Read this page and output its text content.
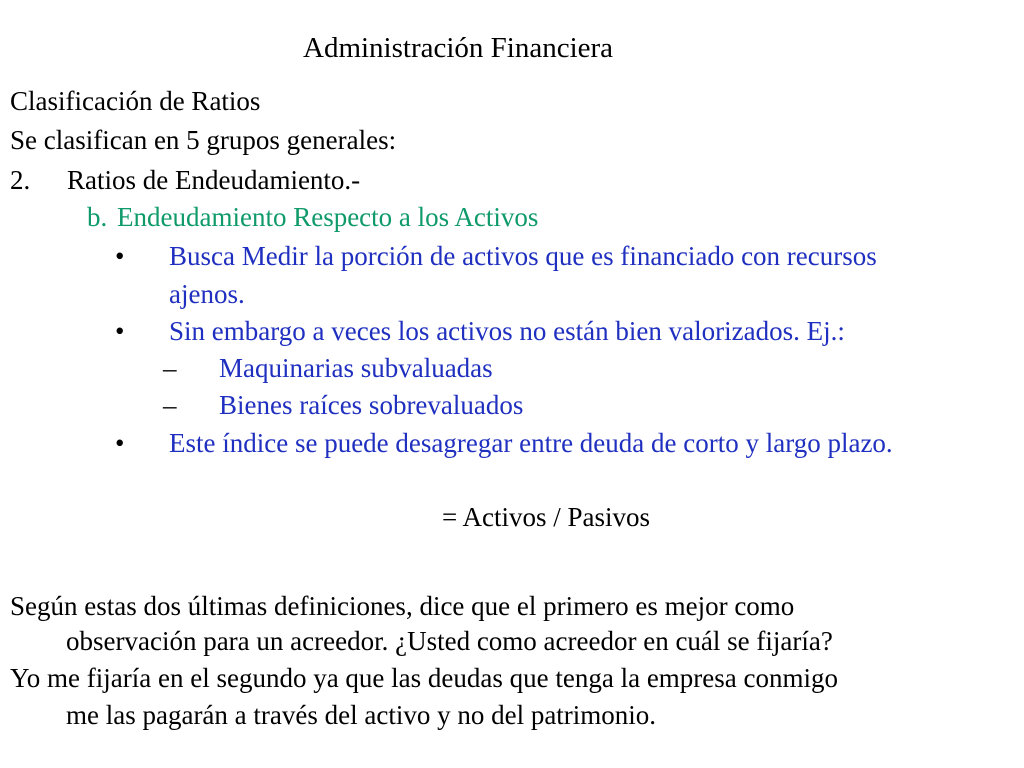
Administración Financiera
Clasificación de Ratios
Se clasifican en 5 grupos generales:
2. Ratios de Endeudamiento.-
b. Endeudamiento Respecto a los Activos
• Busca Medir la porción de activos que es financiado con recursos
ajenos.
• Sin embargo a veces los activos no están bien valorizados. Ej.:
– Maquinarias subvaluadas
– Bienes raíces sobrevaluados
• Este índice se puede desagregar entre deuda de corto y largo plazo.
= Activos / Pasivos
Según estas dos últimas definiciones, dice que el primero es mejor como
observación para un acreedor. ¿Usted como acreedor en cuál se fijaría?
Yo me fijaría en el segundo ya que las deudas que tenga la empresa conmigo
me las pagarán a través del activo y no del patrimonio.
